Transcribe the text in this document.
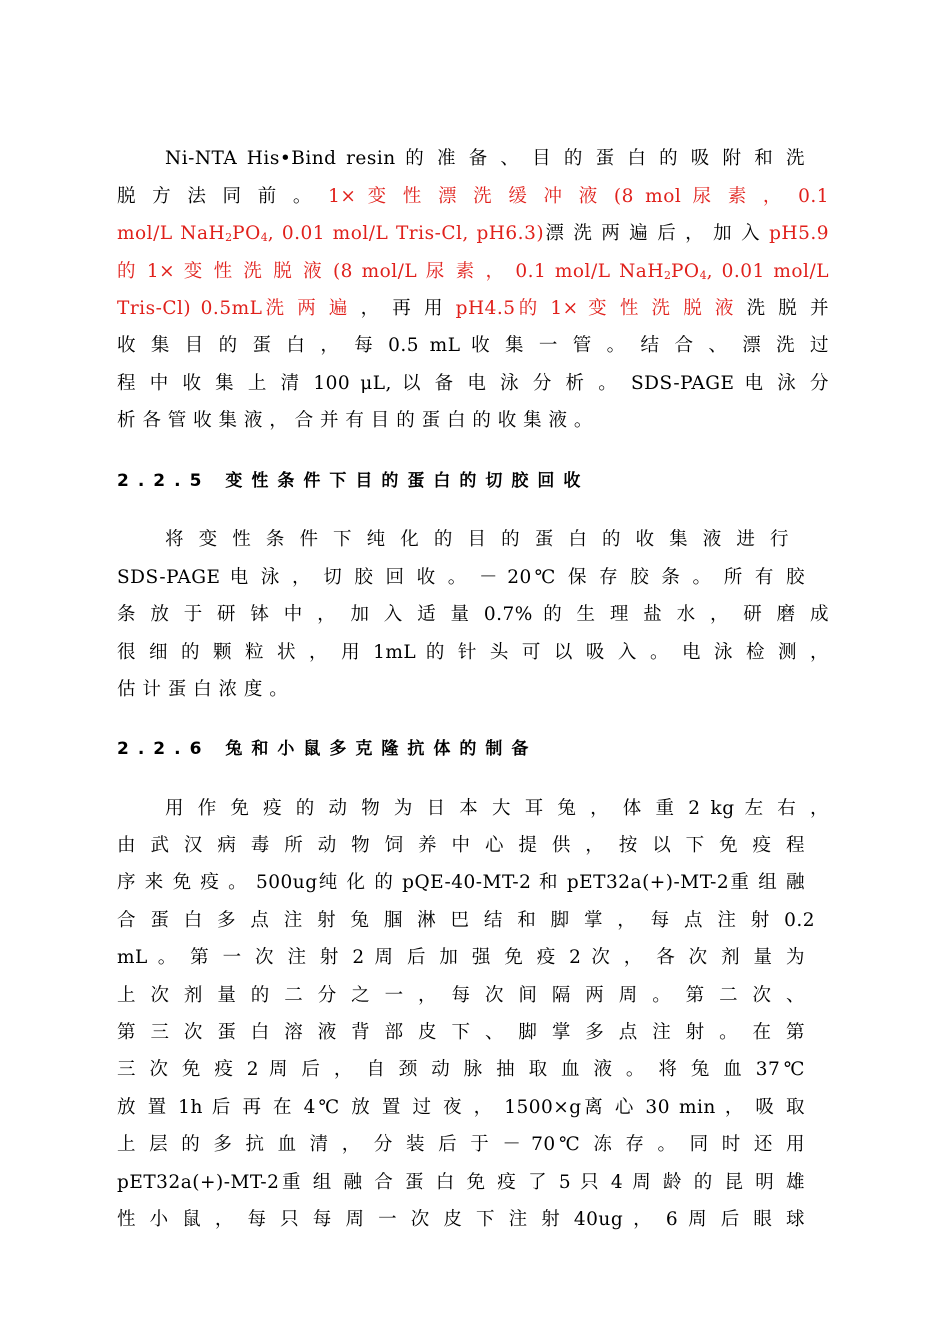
Ni-NTA His•Bind resin 的 准 备 、 目 的 蛋 白 的 吸 附 和 洗
脱 方 法 同 前 。 1× 变 性 漂 洗 缓 冲 液 (8 mol 尿 素 ， 0.1
mol/L $NaH_2PO_4$, 0.01 mol/L Tris-Cl, pH6.3)漂 洗 两 遍 后 ， 加 入 pH5.9
的 1× 变 性 洗 脱 液 (8 mol/L 尿 素 ， 0.1 mol/L $NaH_2PO_4$, 0.01 mol/L
Tris-Cl) 0.5mL洗 两 遍 ， 再 用 pH4.5的 1× 变 性 洗 脱 液 洗 脱 并
收 集 目 的 蛋 白 ， 每 0.5 mL 收 集 一 管 。 结 合 、 漂 洗 过
程 中 收 集 上 清 100 μL, 以 备 电 泳 分 析 。 SDS-PAGE 电 泳 分
析 各 管 收 集 液 ， 合 并 有 目 的 蛋 白 的 收 集 液 。
2.2.5 变性条件下目的蛋白的切胶回收
将 变 性 条 件 下 纯 化 的 目 的 蛋 白 的 收 集 液 进 行
SDS-PAGE 电 泳 ， 切 胶 回 收 。 － 20℃ 保 存 胶 条 。 所 有 胶
条 放 于 研 钵 中 ， 加 入 适 量 0.7% 的 生 理 盐 水 ， 研 磨 成
很 细 的 颗 粒 状 ， 用 1mL 的 针 头 可 以 吸 入 。 电 泳 检 测 ，
估 计 蛋 白 浓 度 。
2.2.6 兔和小鼠多克隆抗体的制备
用 作 免 疫 的 动 物 为 日 本 大 耳 兔 ， 体 重 2 kg 左 右 ，
由 武 汉 病 毒 所 动 物 饲 养 中 心 提 供 ， 按 以 下 免 疫 程
序 来 免 疫 。 500ug纯 化 的 pQE-40-MT-2 和 pET32a(+)-MT-2重 组 融
合 蛋 白 多 点 注 射 兔 腘 淋 巴 结 和 脚 掌 ， 每 点 注 射 0.2
mL 。 第 一 次 注 射 2 周 后 加 强 免 疫 2 次 ， 各 次 剂 量 为
上 次 剂 量 的 二 分 之 一 ， 每 次 间 隔 两 周 。 第 二 次 、
第 三 次 蛋 白 溶 液 背 部 皮 下 、 脚 掌 多 点 注 射 。 在 第
三 次 免 疫 2 周 后 ， 自 颈 动 脉 抽 取 血 液 。 将 兔 血 37℃
放 置 1h 后 再 在 4℃ 放 置 过 夜 ， 1500×g离 心 30 min ， 吸 取
上 层 的 多 抗 血 清 ， 分 装 后 于 － 70℃ 冻 存 。 同 时 还 用
pET32a(+)-MT-2重 组 融 合 蛋 白 免 疫 了 5 只 4 周 龄 的 昆 明 雄
性 小 鼠 ， 每 只 每 周 一 次 皮 下 注 射 40ug ， 6 周 后 眼 球
